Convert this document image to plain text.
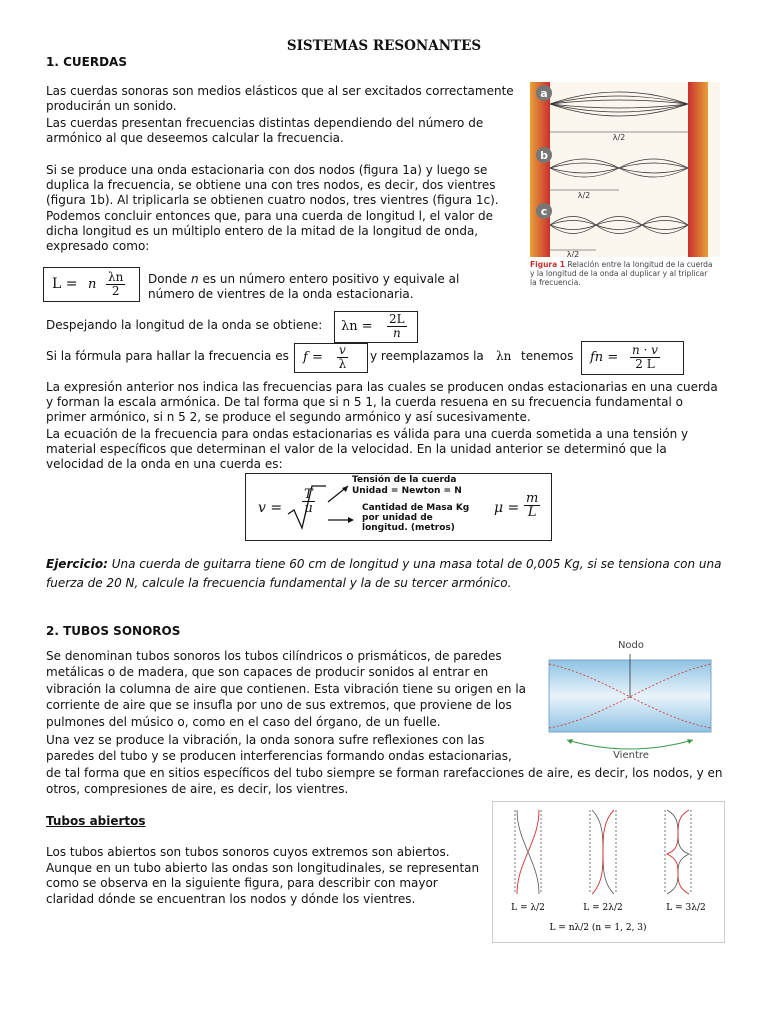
SISTEMAS RESONANTES
1. CUERDAS
Las cuerdas sonoras son medios elásticos que al ser excitados correctamente producirán un sonido.
Las cuerdas presentan frecuencias distintas dependiendo del número de armónico al que deseemos calcular la frecuencia.
Si se produce una onda estacionaria con dos nodos (figura 1a) y luego se duplica la frecuencia, se obtiene una con tres nodos, es decir, dos vientres (figura 1b). Al triplicarla se obtienen cuatro nodos, tres vientres (figura 1c). Podemos concluir entonces que, para una cuerda de longitud l, el valor de dicha longitud es un múltiplo entero de la mitad de la longitud de onda, expresado como:
L = n $\frac{\lambda n}{2}$ Donde n es un número entero positivo y equivale al número de vientres de la onda estacionaria.
Despejando la longitud de la onda se obtiene: $\lambda n = \frac{2L}{n}$
Si la fórmula para hallar la frecuencia es $f = \frac{v}{\lambda}$ y reemplazamos la λn tenemos fn = $\frac{n \cdot v}{2 L}$
La expresión anterior nos indica las frecuencias para las cuales se producen ondas estacionarias en una cuerda y forman la escala armónica. De tal forma que si n 5 1, la cuerda resuena en su frecuencia fundamental o primer armónico, si n 5 2, se produce el segundo armónico y así sucesivamente.
La ecuación de la frecuencia para ondas estacionarias es válida para una cuerda sometida a una tensión y material específicos que determinan el valor de la velocidad. En la unidad anterior se determinó que la velocidad de la onda en una cuerda es:
$v = \frac{T}{\mu}$
Tensión de la cuerda
Unidad = Newton = N
Cantidad de Masa Kg
por unidad de
longitud. (metros)
$\mu = \frac{m}{L}$
Ejercicio: Una cuerda de guitarra tiene 60 cm de longitud y una masa total de 0,005 Kg, si se tensiona con una fuerza de 20 N, calcule la frecuencia fundamental y la de su tercer armónico.
a
b
c
λ/2
λ/2
λ/2
Figura 1 Relación entre la longitud de la cuerda y la longitud de la onda al duplicar y al triplicar la frecuencia.
2. TUBOS SONOROS
Se denominan tubos sonoros los tubos cilíndricos o prismáticos, de paredes metálicas o de madera, que son capaces de producir sonidos al entrar en vibración la columna de aire que contienen. Esta vibración tiene su origen en la corriente de aire que se insufla por uno de sus extremos, que proviene de los pulmones del músico o, como en el caso del órgano, de un fuelle.
Una vez se produce la vibración, la onda sonora sufre reflexiones con las paredes del tubo y se producen interferencias formando ondas estacionarias,
de tal forma que en sitios específicos del tubo siempre se forman rarefacciones de aire, es decir, los nodos, y en otros, compresiones de aire, es decir, los vientres.
Nodo
Vientre
Tubos abiertos
Los tubos abiertos son tubos sonoros cuyos extremos son abiertos. Aunque en un tubo abierto las ondas son longitudinales, se representan como se observa en la siguiente figura, para describir con mayor claridad dónde se encuentran los nodos y dónde los vientres.
L = λ/2	L = 2λ/2	L = 3λ/2
L = nλ/2 (n = 1, 2, 3)
